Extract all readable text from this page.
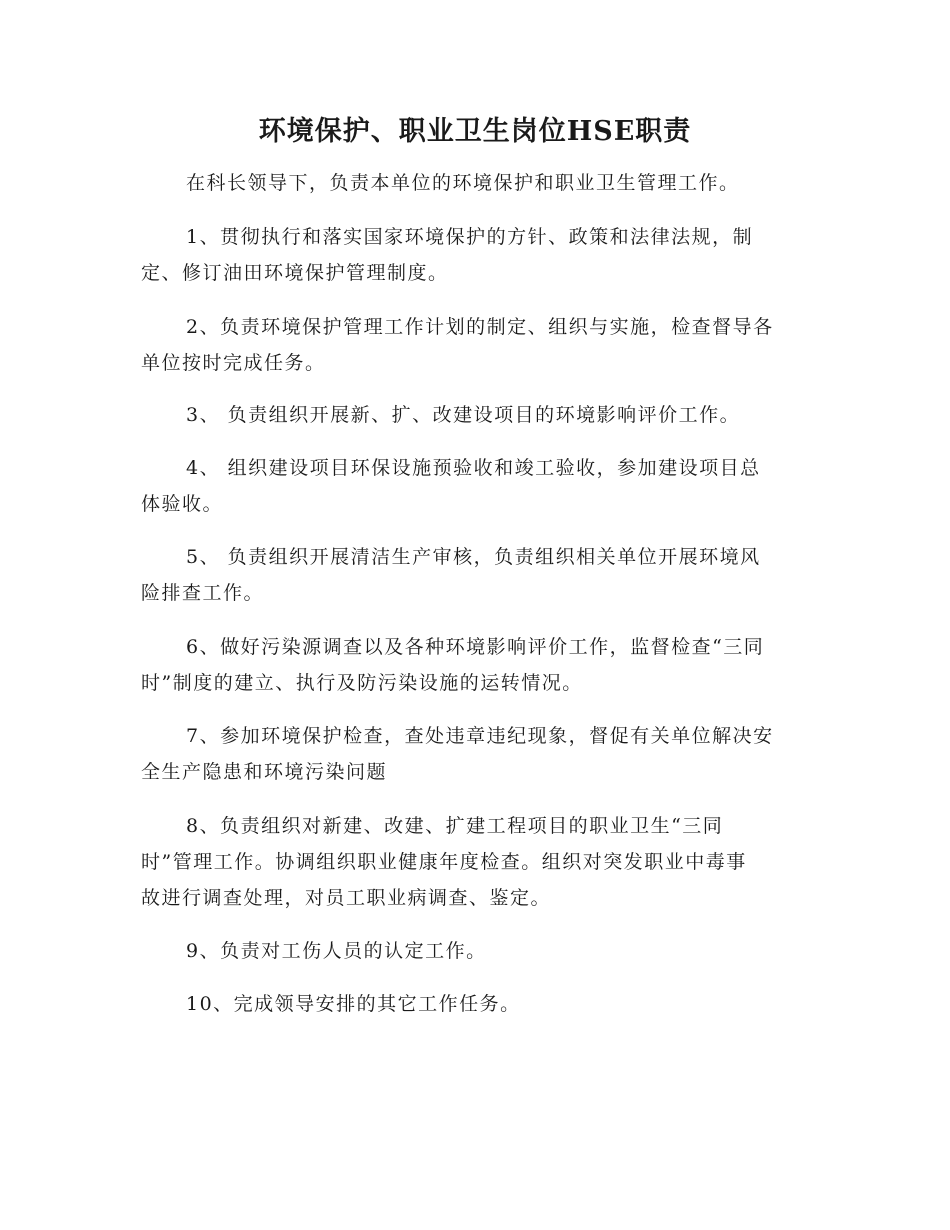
环境保护、职业卫生岗位HSE职责

在科长领导下，负责本单位的环境保护和职业卫生管理工作。

1、贯彻执行和落实国家环境保护的方针、政策和法律法规，制
定、修订油田环境保护管理制度。

2、负责环境保护管理工作计划的制定、组织与实施，检查督导各
单位按时完成任务。

3、 负责组织开展新、扩、改建设项目的环境影响评价工作。

4、 组织建设项目环保设施预验收和竣工验收，参加建设项目总
体验收。

5、 负责组织开展清洁生产审核，负责组织相关单位开展环境风
险排查工作。

6、做好污染源调查以及各种环境影响评价工作，监督检查“三同
时”制度的建立、执行及防污染设施的运转情况。

7、参加环境保护检查，查处违章违纪现象，督促有关单位解决安
全生产隐患和环境污染问题

8、负责组织对新建、改建、扩建工程项目的职业卫生“三同
时”管理工作。协调组织职业健康年度检查。组织对突发职业中毒事
故进行调查处理，对员工职业病调查、鉴定。

9、负责对工伤人员的认定工作。

10、完成领导安排的其它工作任务。
